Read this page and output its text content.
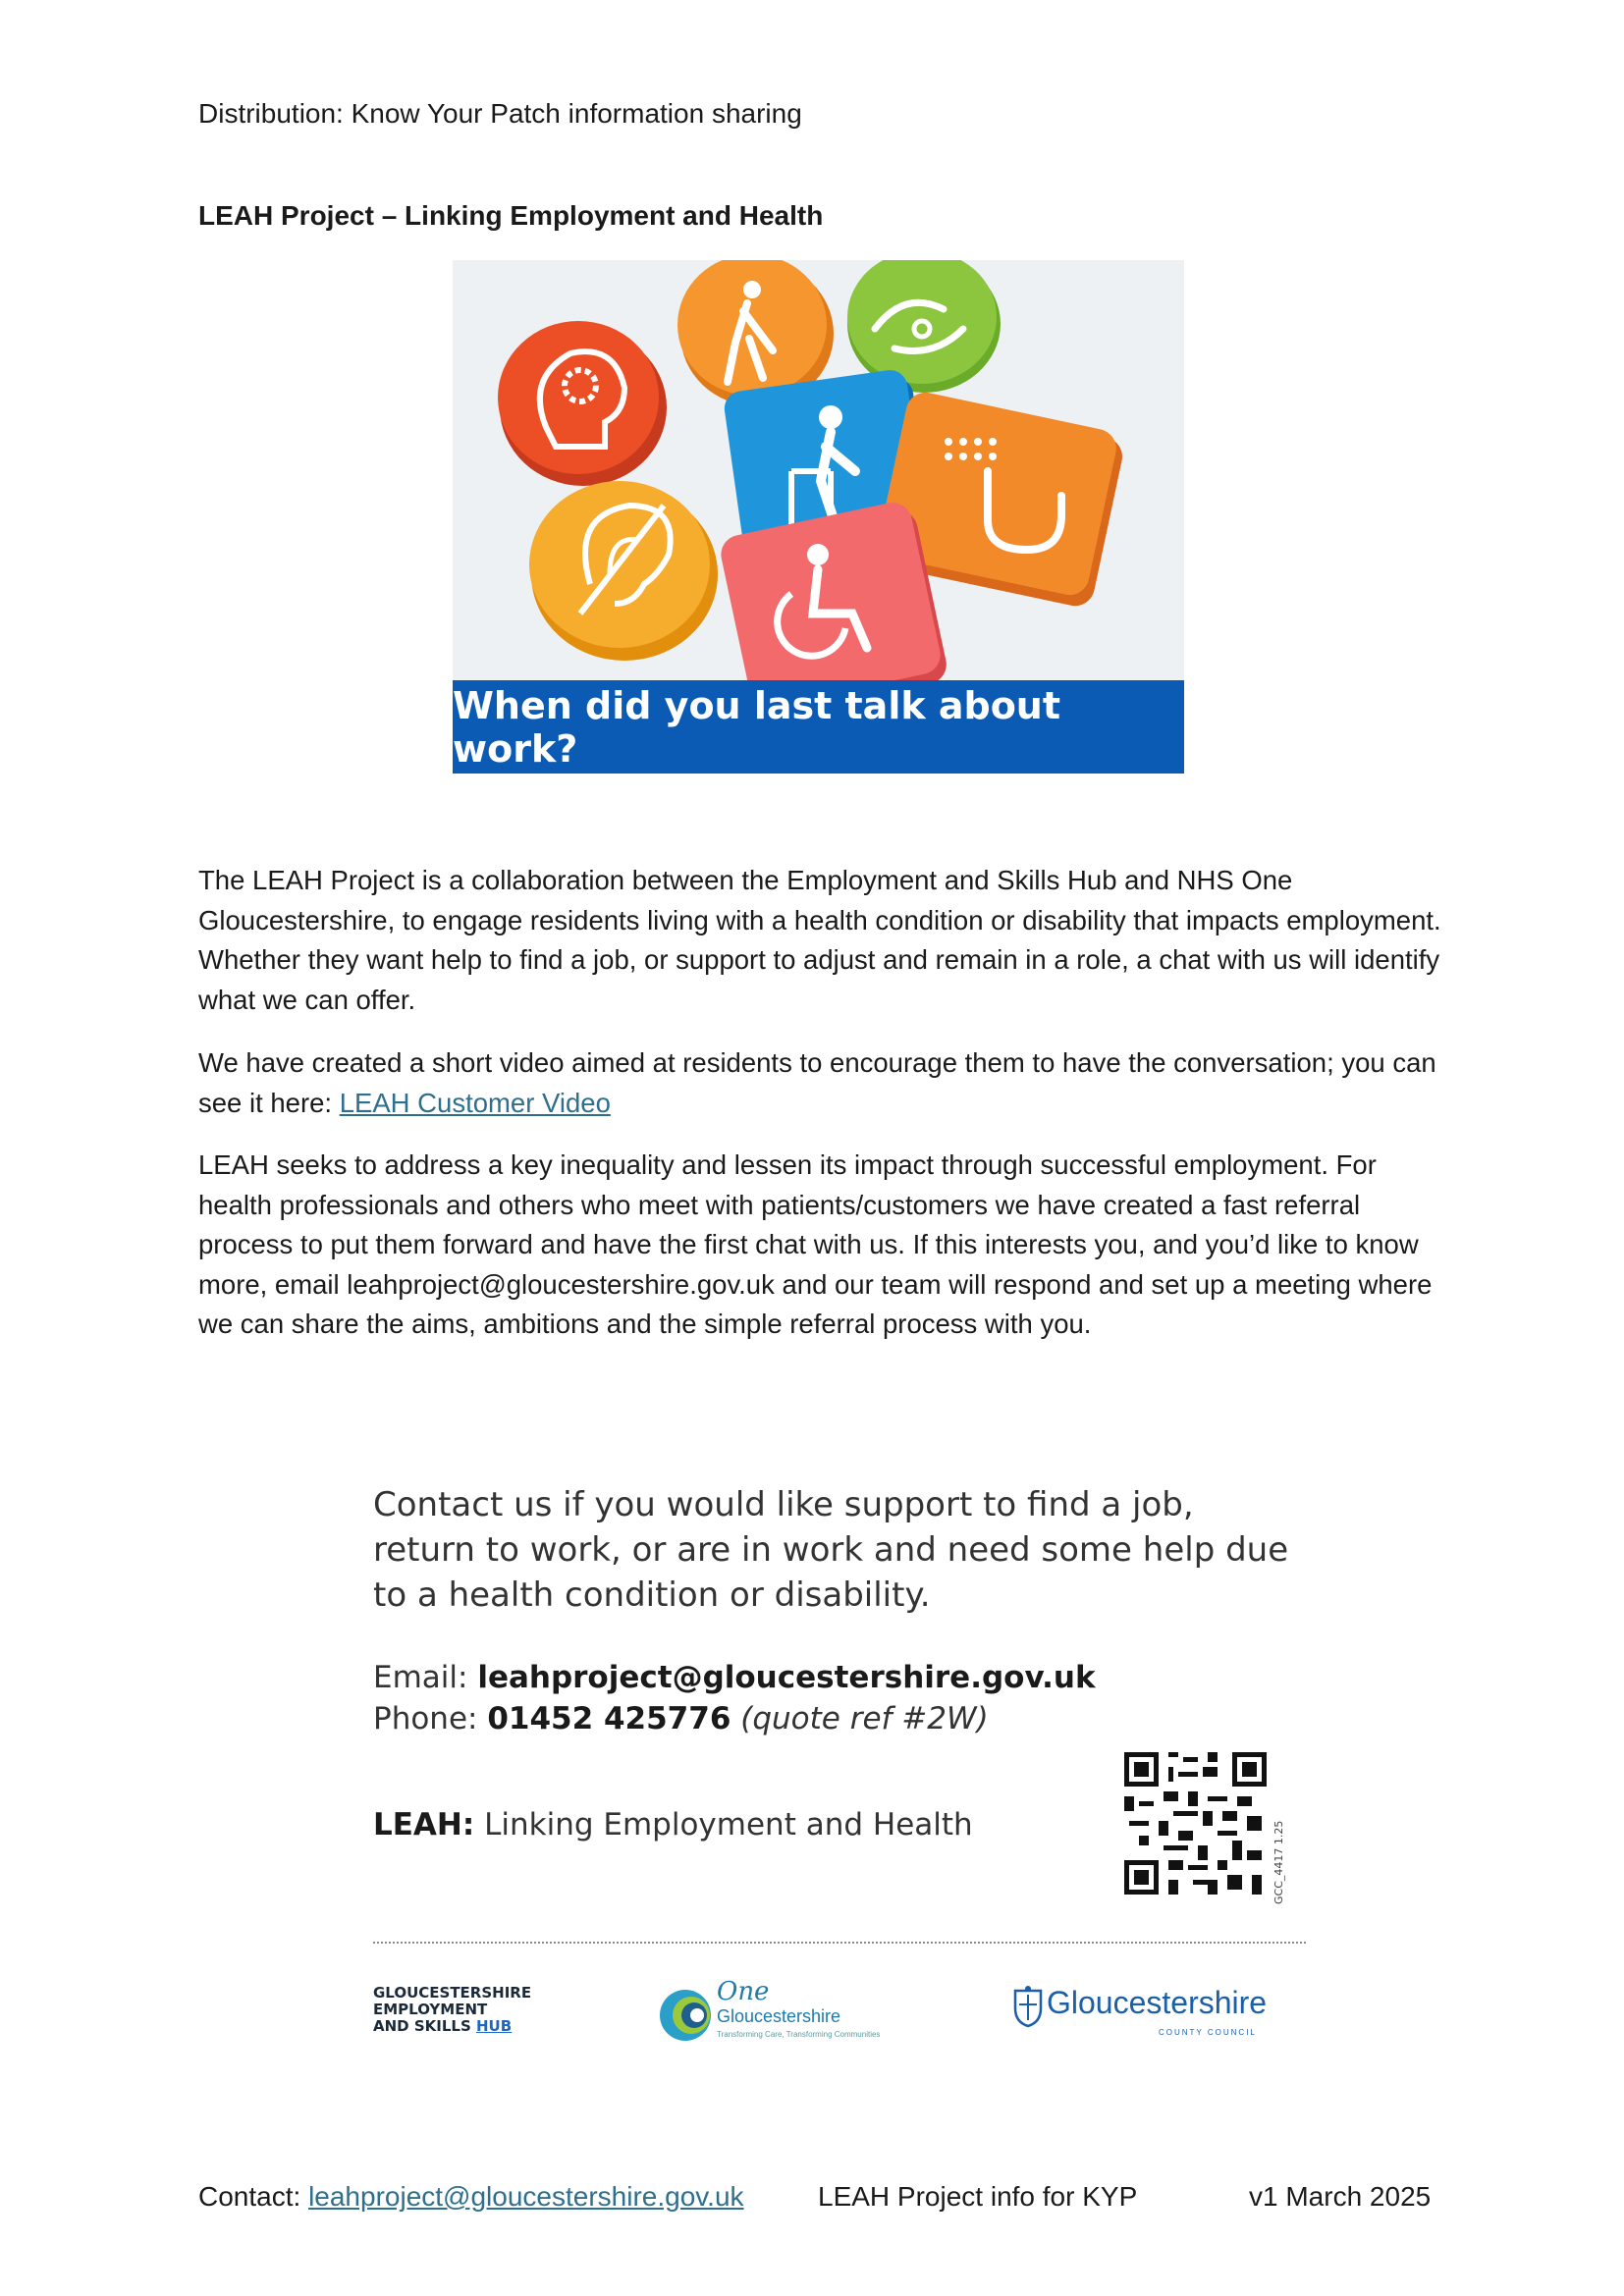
Distribution: Know Your Patch information sharing
LEAH Project – Linking Employment and Health
When did you last talk about work?

The LEAH Project is a collaboration between the Employment and Skills Hub and NHS One Gloucestershire, to engage residents living with a health condition or disability that impacts employment. Whether they want help to find a job, or support to adjust and remain in a role, a chat with us will identify what we can offer.

We have created a short video aimed at residents to encourage them to have the conversation; you can see it here: LEAH Customer Video

LEAH seeks to address a key inequality and lessen its impact through successful employment. For health professionals and others who meet with patients/customers we have created a fast referral process to put them forward and have the first chat with us. If this interests you, and you’d like to know more, email leahproject@gloucestershire.gov.uk and our team will respond and set up a meeting where we can share the aims, ambitions and the simple referral process with you.

Contact us if you would like support to find a job, return to work, or are in work and need some help due to a health condition or disability.

Email: leahproject@gloucestershire.gov.uk
Phone: 01452 425776 (quote ref #2W)
LEAH: Linking Employment and Health	GCC_4417 1.25
GLOUCESTERSHIRE
EMPLOYMENT
AND SKILLS HUB
One
Gloucestershire
Transforming Care, Transforming Communities
Gloucestershire
COUNTY COUNCIL
Contact: leahproject@gloucestershire.gov.uk	LEAH Project info for KYP	v1 March 2025
